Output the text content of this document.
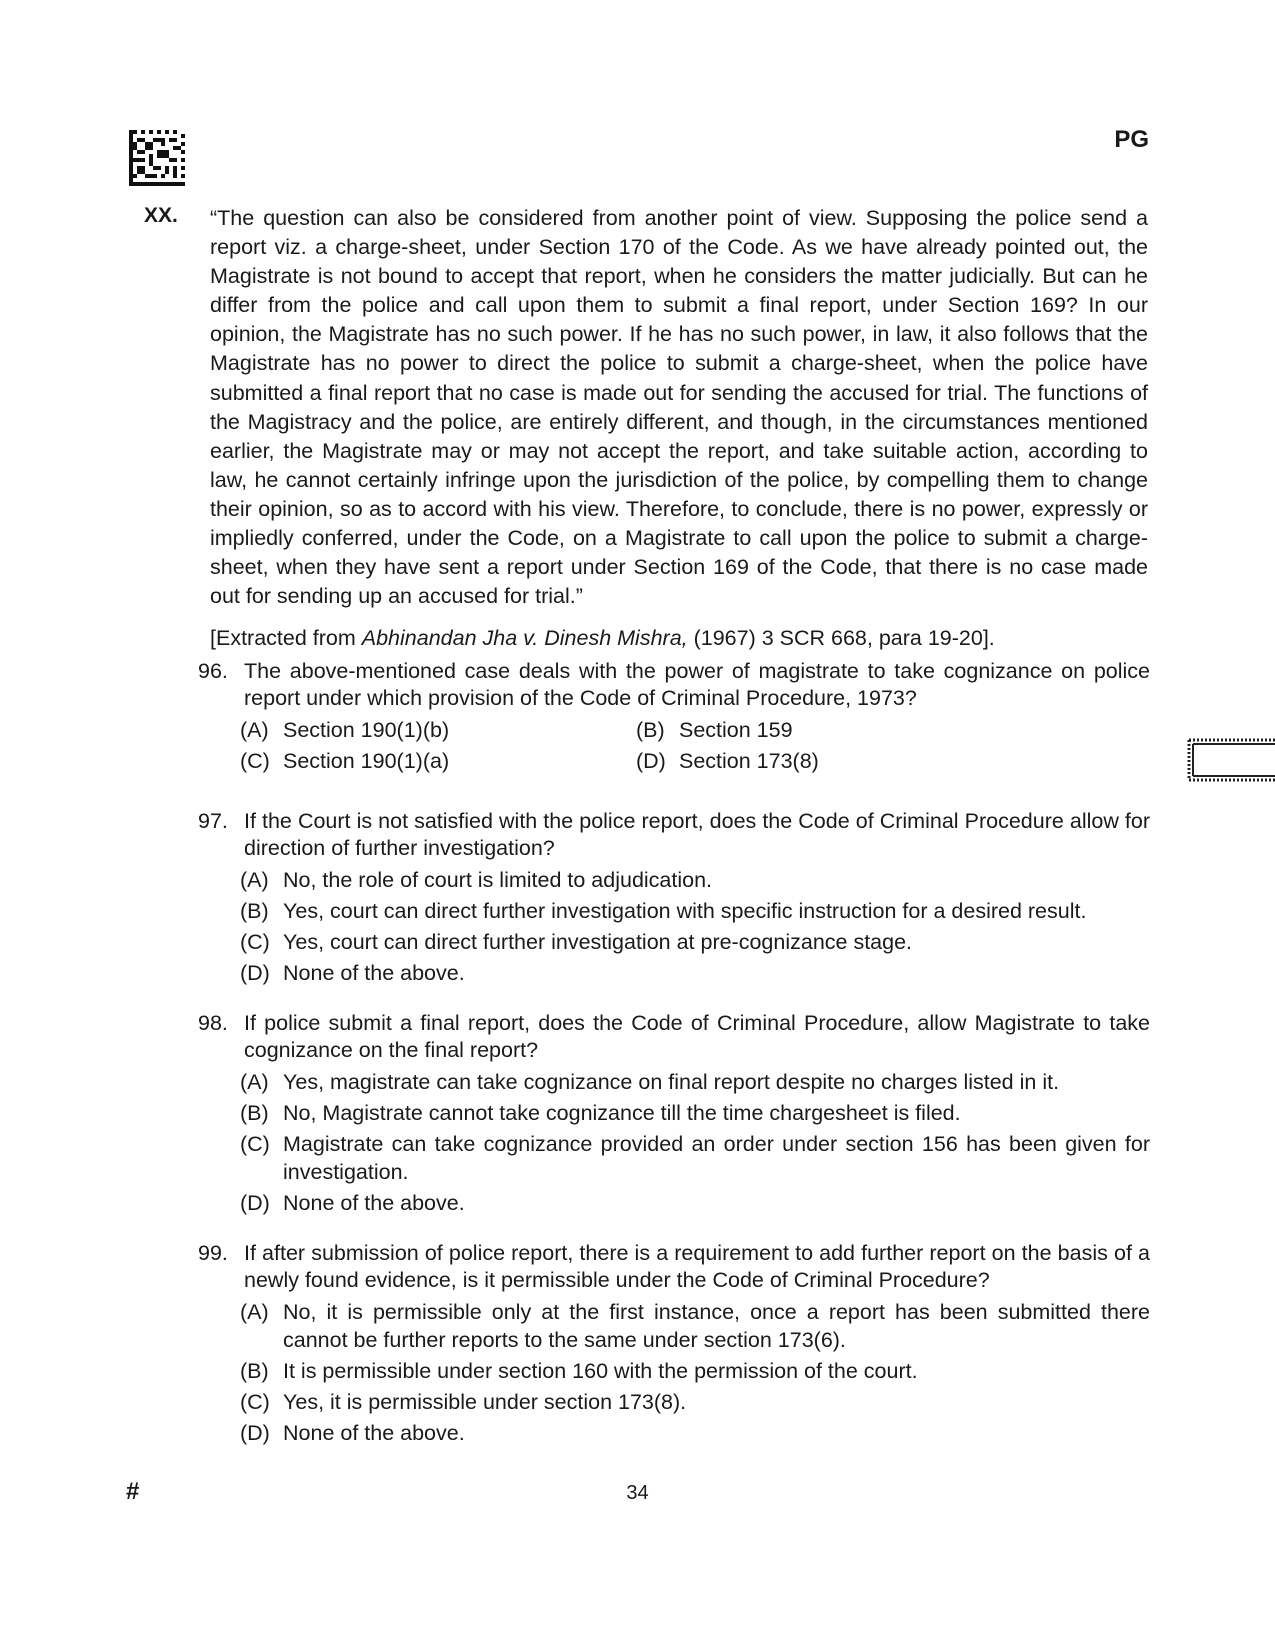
PG
XX. “The question can also be considered from another point of view. Supposing the police send a report viz. a charge-sheet, under Section 170 of the Code. As we have already pointed out, the Magistrate is not bound to accept that report, when he considers the matter judicially. But can he differ from the police and call upon them to submit a final report, under Section 169? In our opinion, the Magistrate has no such power. If he has no such power, in law, it also follows that the Magistrate has no power to direct the police to submit a charge-sheet, when the police have submitted a final report that no case is made out for sending the accused for trial. The functions of the Magistracy and the police, are entirely different, and though, in the circumstances mentioned earlier, the Magistrate may or may not accept the report, and take suitable action, according to law, he cannot certainly infringe upon the jurisdiction of the police, by compelling them to change their opinion, so as to accord with his view. Therefore, to conclude, there is no power, expressly or impliedly conferred, under the Code, on a Magistrate to call upon the police to submit a charge-sheet, when they have sent a report under Section 169 of the Code, that there is no case made out for sending up an accused for trial.”

[Extracted from Abhinandan Jha v. Dinesh Mishra, (1967) 3 SCR 668, para 19-20].
96. The above-mentioned case deals with the power of magistrate to take cognizance on police report under which provision of the Code of Criminal Procedure, 1973?
(A) Section 190(1)(b)	(B) Section 159
(C) Section 190(1)(a)	(D) Section 173(8)
97. If the Court is not satisfied with the police report, does the Code of Criminal Procedure allow for direction of further investigation?
(A) No, the role of court is limited to adjudication.
(B) Yes, court can direct further investigation with specific instruction for a desired result.
(C) Yes, court can direct further investigation at pre-cognizance stage.
(D) None of the above.
98. If police submit a final report, does the Code of Criminal Procedure, allow Magistrate to take cognizance on the final report?
(A) Yes, magistrate can take cognizance on final report despite no charges listed in it.
(B) No, Magistrate cannot take cognizance till the time chargesheet is filed.
(C) Magistrate can take cognizance provided an order under section 156 has been given for investigation.
(D) None of the above.
99. If after submission of police report, there is a requirement to add further report on the basis of a newly found evidence, is it permissible under the Code of Criminal Procedure?
(A) No, it is permissible only at the first instance, once a report has been submitted there cannot be further reports to the same under section 173(6).
(B) It is permissible under section 160 with the permission of the court.
(C) Yes, it is permissible under section 173(8).
(D) None of the above.
#	34
